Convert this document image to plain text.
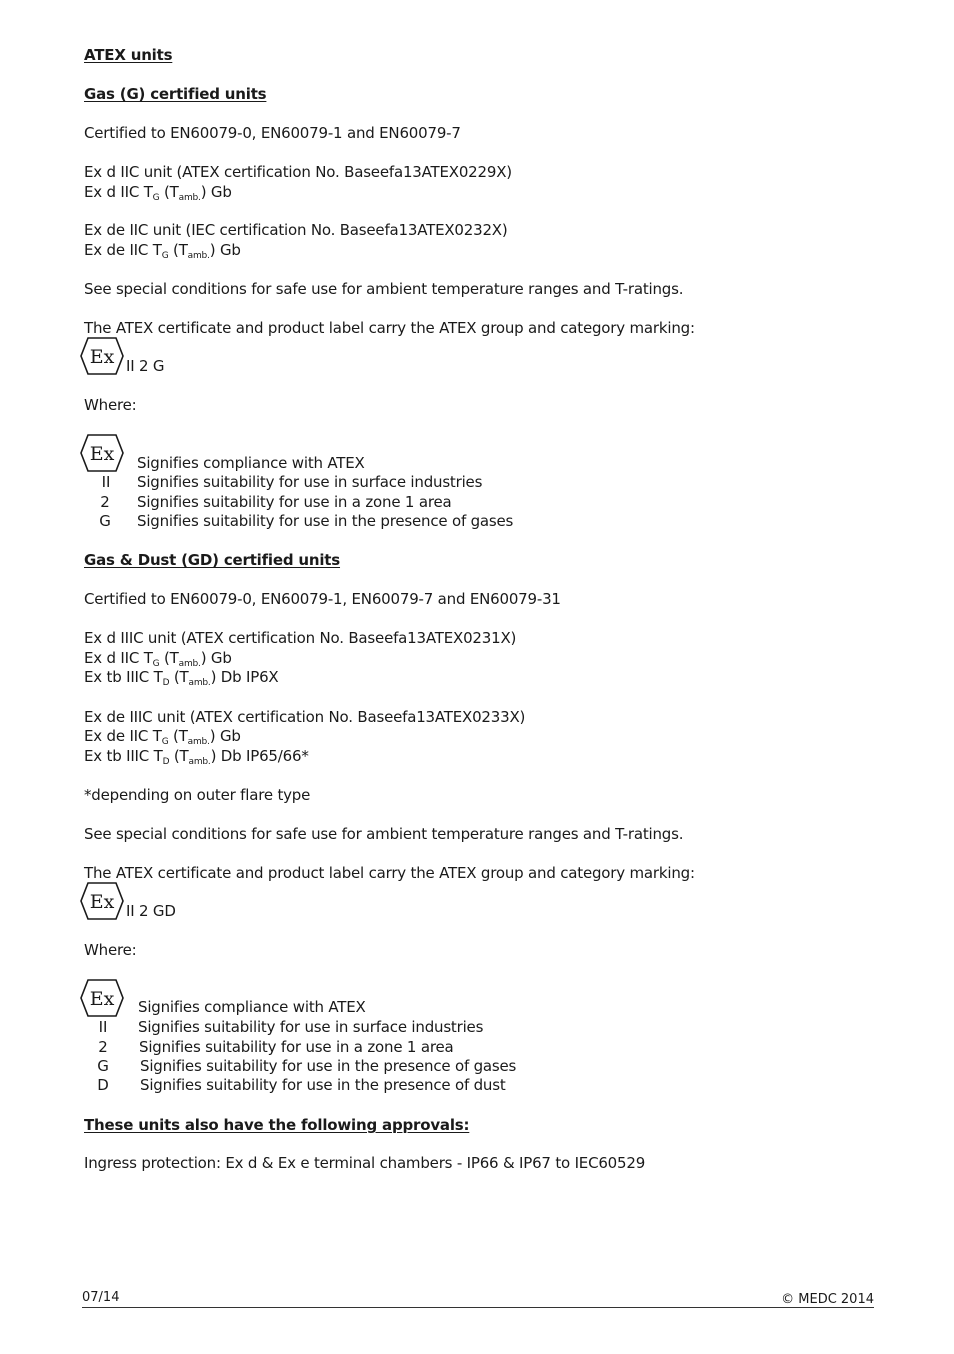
ATEX units
Gas (G) certified units
Certified to EN60079-0, EN60079-1 and EN60079-7
Ex d IIC unit (ATEX certification No. Baseefa13ATEX0229X)
Ex d IIC $T_G$ $(T_{amb.})$ Gb
Ex de IIC unit (IEC certification No. Baseefa13ATEX0232X)
Ex de IIC $T_G$ $(T_{amb.})$ Gb
See special conditions for safe use for ambient temperature ranges and T-ratings.
The ATEX certificate and product label carry the ATEX group and category marking:
Ex II 2 G
Where:
Ex Signifies compliance with ATEX
II	Signifies suitability for use in surface industries
2	Signifies suitability for use in a zone 1 area
G	Signifies suitability for use in the presence of gases
Gas & Dust (GD) certified units
Certified to EN60079-0, EN60079-1, EN60079-7 and EN60079-31
Ex d IIIC unit (ATEX certification No. Baseefa13ATEX0231X)
Ex d IIC $T_G$ $(T_{amb.})$ Gb
Ex tb IIIC $T_D$ $(T_{amb.})$ Db IP6X
Ex de IIIC unit (ATEX certification No. Baseefa13ATEX0233X)
Ex de IIC $T_G$ $(T_{amb.})$ Gb
Ex tb IIIC $T_D$ $(T_{amb.})$ Db IP65/66*
*depending on outer flare type
See special conditions for safe use for ambient temperature ranges and T-ratings.
The ATEX certificate and product label carry the ATEX group and category marking:
Ex II 2 GD
Where:
Ex Signifies compliance with ATEX
II	Signifies suitability for use in surface industries
2	Signifies suitability for use in a zone 1 area
G	Signifies suitability for use in the presence of gases
D	Signifies suitability for use in the presence of dust
These units also have the following approvals:
Ingress protection: Ex d & Ex e terminal chambers - IP66 & IP67 to IEC60529
07/14	© MEDC 2014
